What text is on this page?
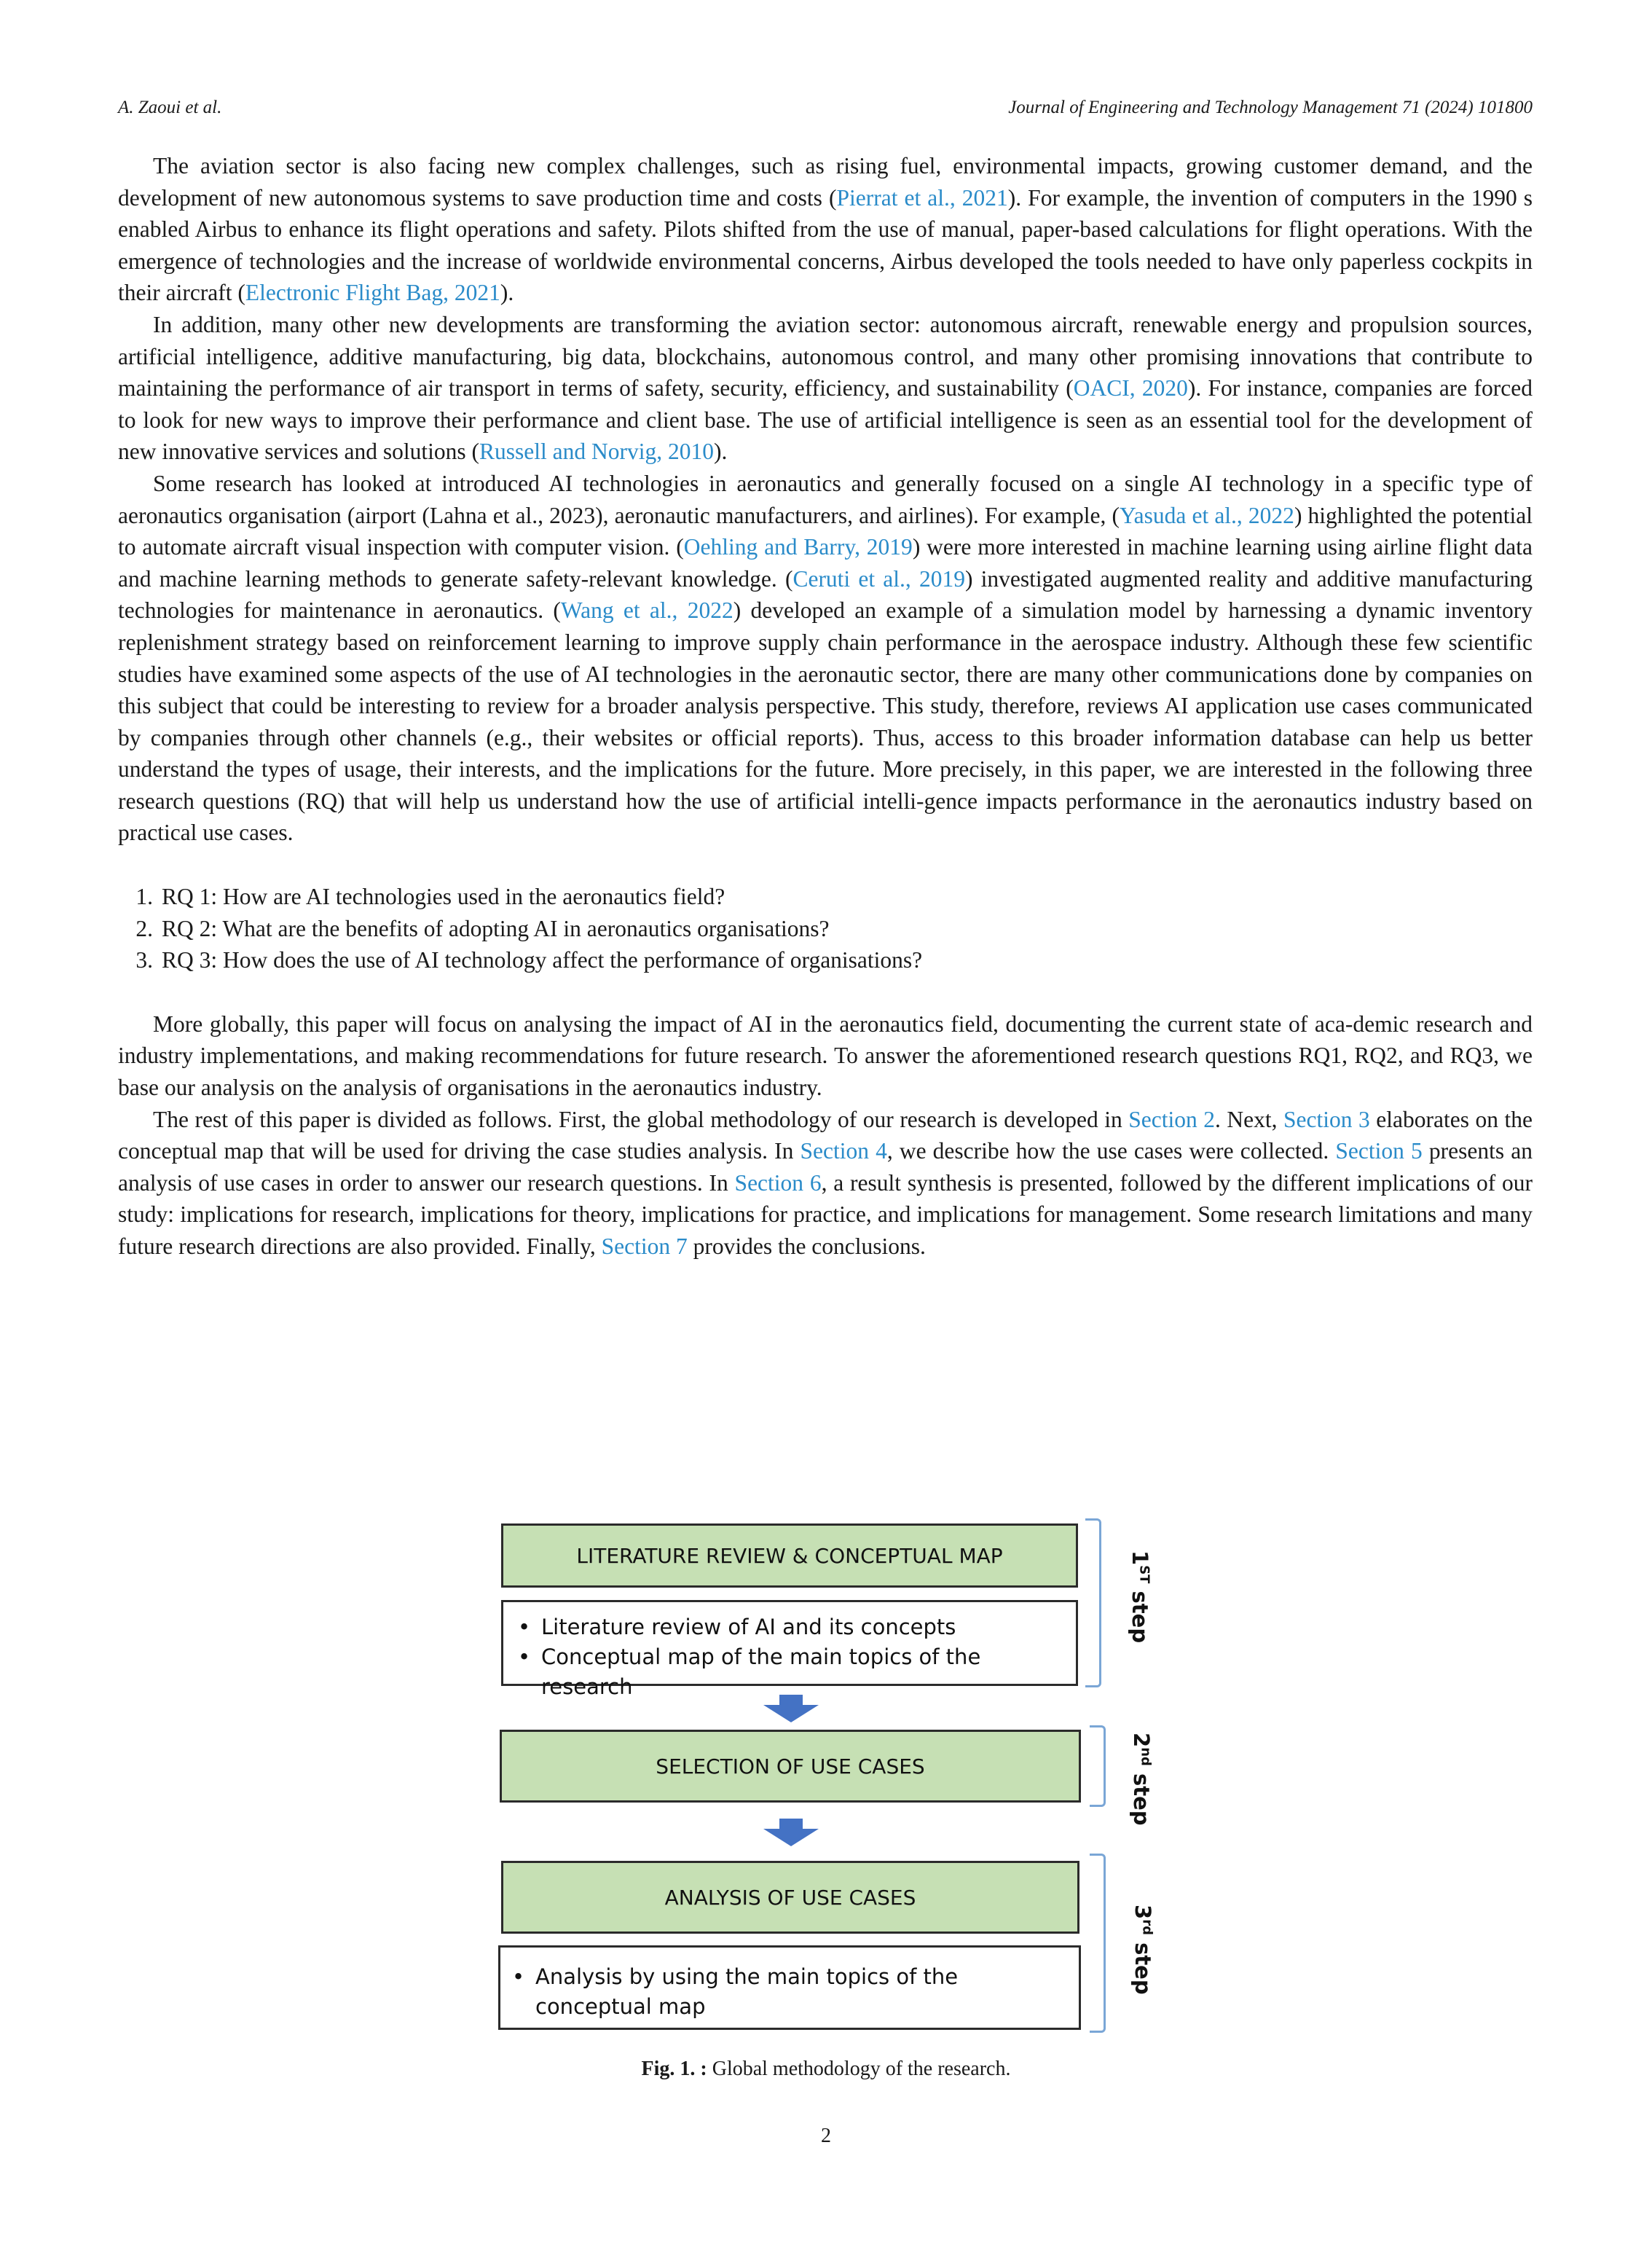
A. Zaoui et al.	Journal of Engineering and Technology Management 71 (2024) 101800

The aviation sector is also facing new complex challenges, such as rising fuel, environmental impacts, growing customer demand, and the development of new autonomous systems to save production time and costs (Pierrat et al., 2021). For example, the invention of computers in the 1990 s enabled Airbus to enhance its flight operations and safety. Pilots shifted from the use of manual, paper-based calculations for flight operations. With the emergence of technologies and the increase of worldwide environmental concerns, Airbus developed the tools needed to have only paperless cockpits in their aircraft (Electronic Flight Bag, 2021).

In addition, many other new developments are transforming the aviation sector: autonomous aircraft, renewable energy and propulsion sources, artificial intelligence, additive manufacturing, big data, blockchains, autonomous control, and many other promising innovations that contribute to maintaining the performance of air transport in terms of safety, security, efficiency, and sustainability (OACI, 2020). For instance, companies are forced to look for new ways to improve their performance and client base. The use of artificial intelligence is seen as an essential tool for the development of new innovative services and solutions (Russell and Norvig, 2010).

Some research has looked at introduced AI technologies in aeronautics and generally focused on a single AI technology in a specific type of aeronautics organisation (airport (Lahna et al., 2023), aeronautic manufacturers, and airlines). For example, (Yasuda et al., 2022) highlighted the potential to automate aircraft visual inspection with computer vision. (Oehling and Barry, 2019) were more interested in machine learning using airline flight data and machine learning methods to generate safety-relevant knowledge. (Ceruti et al., 2019) investigated augmented reality and additive manufacturing technologies for maintenance in aeronautics. (Wang et al., 2022) developed an example of a simulation model by harnessing a dynamic inventory replenishment strategy based on reinforcement learning to improve supply chain performance in the aerospace industry. Although these few scientific studies have examined some aspects of the use of AI technologies in the aeronautic sector, there are many other communications done by companies on this subject that could be interesting to review for a broader analysis perspective. This study, therefore, reviews AI application use cases communicated by companies through other channels (e.g., their websites or official reports). Thus, access to this broader information database can help us better understand the types of usage, their interests, and the implications for the future. More precisely, in this paper, we are interested in the following three research questions (RQ) that will help us understand how the use of artificial intelli-gence impacts performance in the aeronautics industry based on practical use cases.

1. RQ 1: How are AI technologies used in the aeronautics field?
2. RQ 2: What are the benefits of adopting AI in aeronautics organisations?
3. RQ 3: How does the use of AI technology affect the performance of organisations?

More globally, this paper will focus on analysing the impact of AI in the aeronautics field, documenting the current state of aca-demic research and industry implementations, and making recommendations for future research. To answer the aforementioned research questions RQ1, RQ2, and RQ3, we base our analysis on the analysis of organisations in the aeronautics industry.

The rest of this paper is divided as follows. First, the global methodology of our research is developed in Section 2. Next, Section 3 elaborates on the conceptual map that will be used for driving the case studies analysis. In Section 4, we describe how the use cases were collected. Section 5 presents an analysis of use cases in order to answer our research questions. In Section 6, a result synthesis is presented, followed by the different implications of our study: implications for research, implications for theory, implications for practice, and implications for management. Some research limitations and many future research directions are also provided. Finally, Section 7 provides the conclusions.

LITERATURE REVIEW & CONCEPTUAL MAP
• Literature review of AI and its concepts
• Conceptual map of the main topics of the research
1ST step
SELECTION OF USE CASES
2nd step
ANALYSIS OF USE CASES
• Analysis by using the main topics of the conceptual map
3rd step
Fig. 1. : Global methodology of the research.
2
